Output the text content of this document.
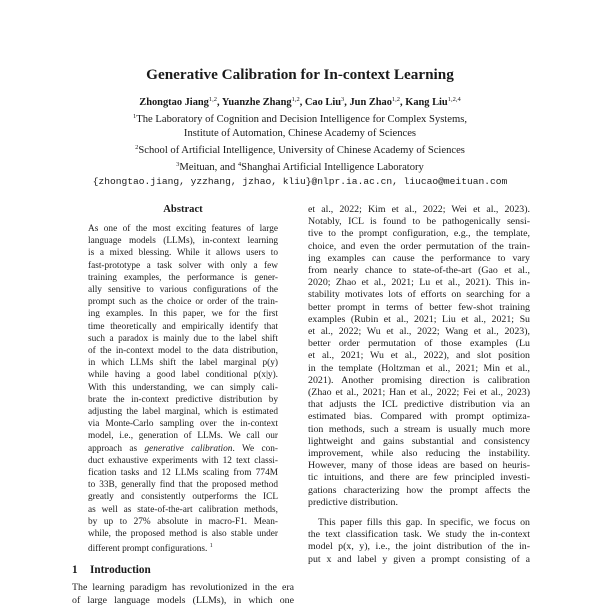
Generative Calibration for In-context Learning
Zhongtao Jiang$^{1,2}$, Yuanzhe Zhang$^{1,2}$, Cao Liu$^3$, Jun Zhao$^{1,2}$, Kang Liu$^{1,2,4}$
$^1$The Laboratory of Cognition and Decision Intelligence for Complex Systems,
Institute of Automation, Chinese Academy of Sciences
$^2$School of Artificial Intelligence, University of Chinese Academy of Sciences
$^3$Meituan, and $^4$Shanghai Artificial Intelligence Laboratory
{zhongtao.jiang, yzzhang, jzhao, kliu}@nlpr.ia.ac.cn, liucao@meituan.com
Abstract
As one of the most exciting features of large
language models (LLMs), in-context learning
is a mixed blessing. While it allows users to
fast-prototype a task solver with only a few
training examples, the performance is gener-
ally sensitive to various configurations of the
prompt such as the choice or order of the train-
ing examples. In this paper, we for the first
time theoretically and empirically identify that
such a paradox is mainly due to the label shift
of the in-context model to the data distribution,
in which LLMs shift the label marginal p(y)
while having a good label conditional p(x|y).
With this understanding, we can simply cali-
brate the in-context predictive distribution by
adjusting the label marginal, which is estimated
via Monte-Carlo sampling over the in-context
model, i.e., generation of LLMs. We call our
approach as generative calibration. We con-
duct exhaustive experiments with 12 text classi-
fication tasks and 12 LLMs scaling from 774M
to 33B, generally find that the proposed method
greatly and consistently outperforms the ICL
as well as state-of-the-art calibration methods,
by up to 27% absolute in macro-F1. Mean-
while, the proposed method is also stable under
different prompt configurations. $^1$
1 Introduction
The learning paradigm has revolutionized in the era
of large language models (LLMs), in which one
et al., 2022; Kim et al., 2022; Wei et al., 2023).
Notably, ICL is found to be pathogenically sensi-
tive to the prompt configuration, e.g., the template,
choice, and even the order permutation of the train-
ing examples can cause the performance to vary
from nearly chance to state-of-the-art (Gao et al.,
2020; Zhao et al., 2021; Lu et al., 2021). This in-
stability motivates lots of efforts on searching for a
better prompt in terms of better few-shot training
examples (Rubin et al., 2021; Liu et al., 2021; Su
et al., 2022; Wu et al., 2022; Wang et al., 2023),
better order permutation of those examples (Lu
et al., 2021; Wu et al., 2022), and slot position
in the template (Holtzman et al., 2021; Min et al.,
2021). Another promising direction is calibration
(Zhao et al., 2021; Han et al., 2022; Fei et al., 2023)
that adjusts the ICL predictive distribution via an
estimated bias. Compared with prompt optimiza-
tion methods, such a stream is usually much more
lightweight and gains substantial and consistency
improvement, while also reducing the instability.
However, many of those ideas are based on heuris-
tic intuitions, and there are few principled investi-
gations characterizing how the prompt affects the
predictive distribution.
This paper fills this gap. In specific, we focus on
the text classification task. We study the in-context
model p(x, y), i.e., the joint distribution of the in-
put x and label y given a prompt consisting of a
